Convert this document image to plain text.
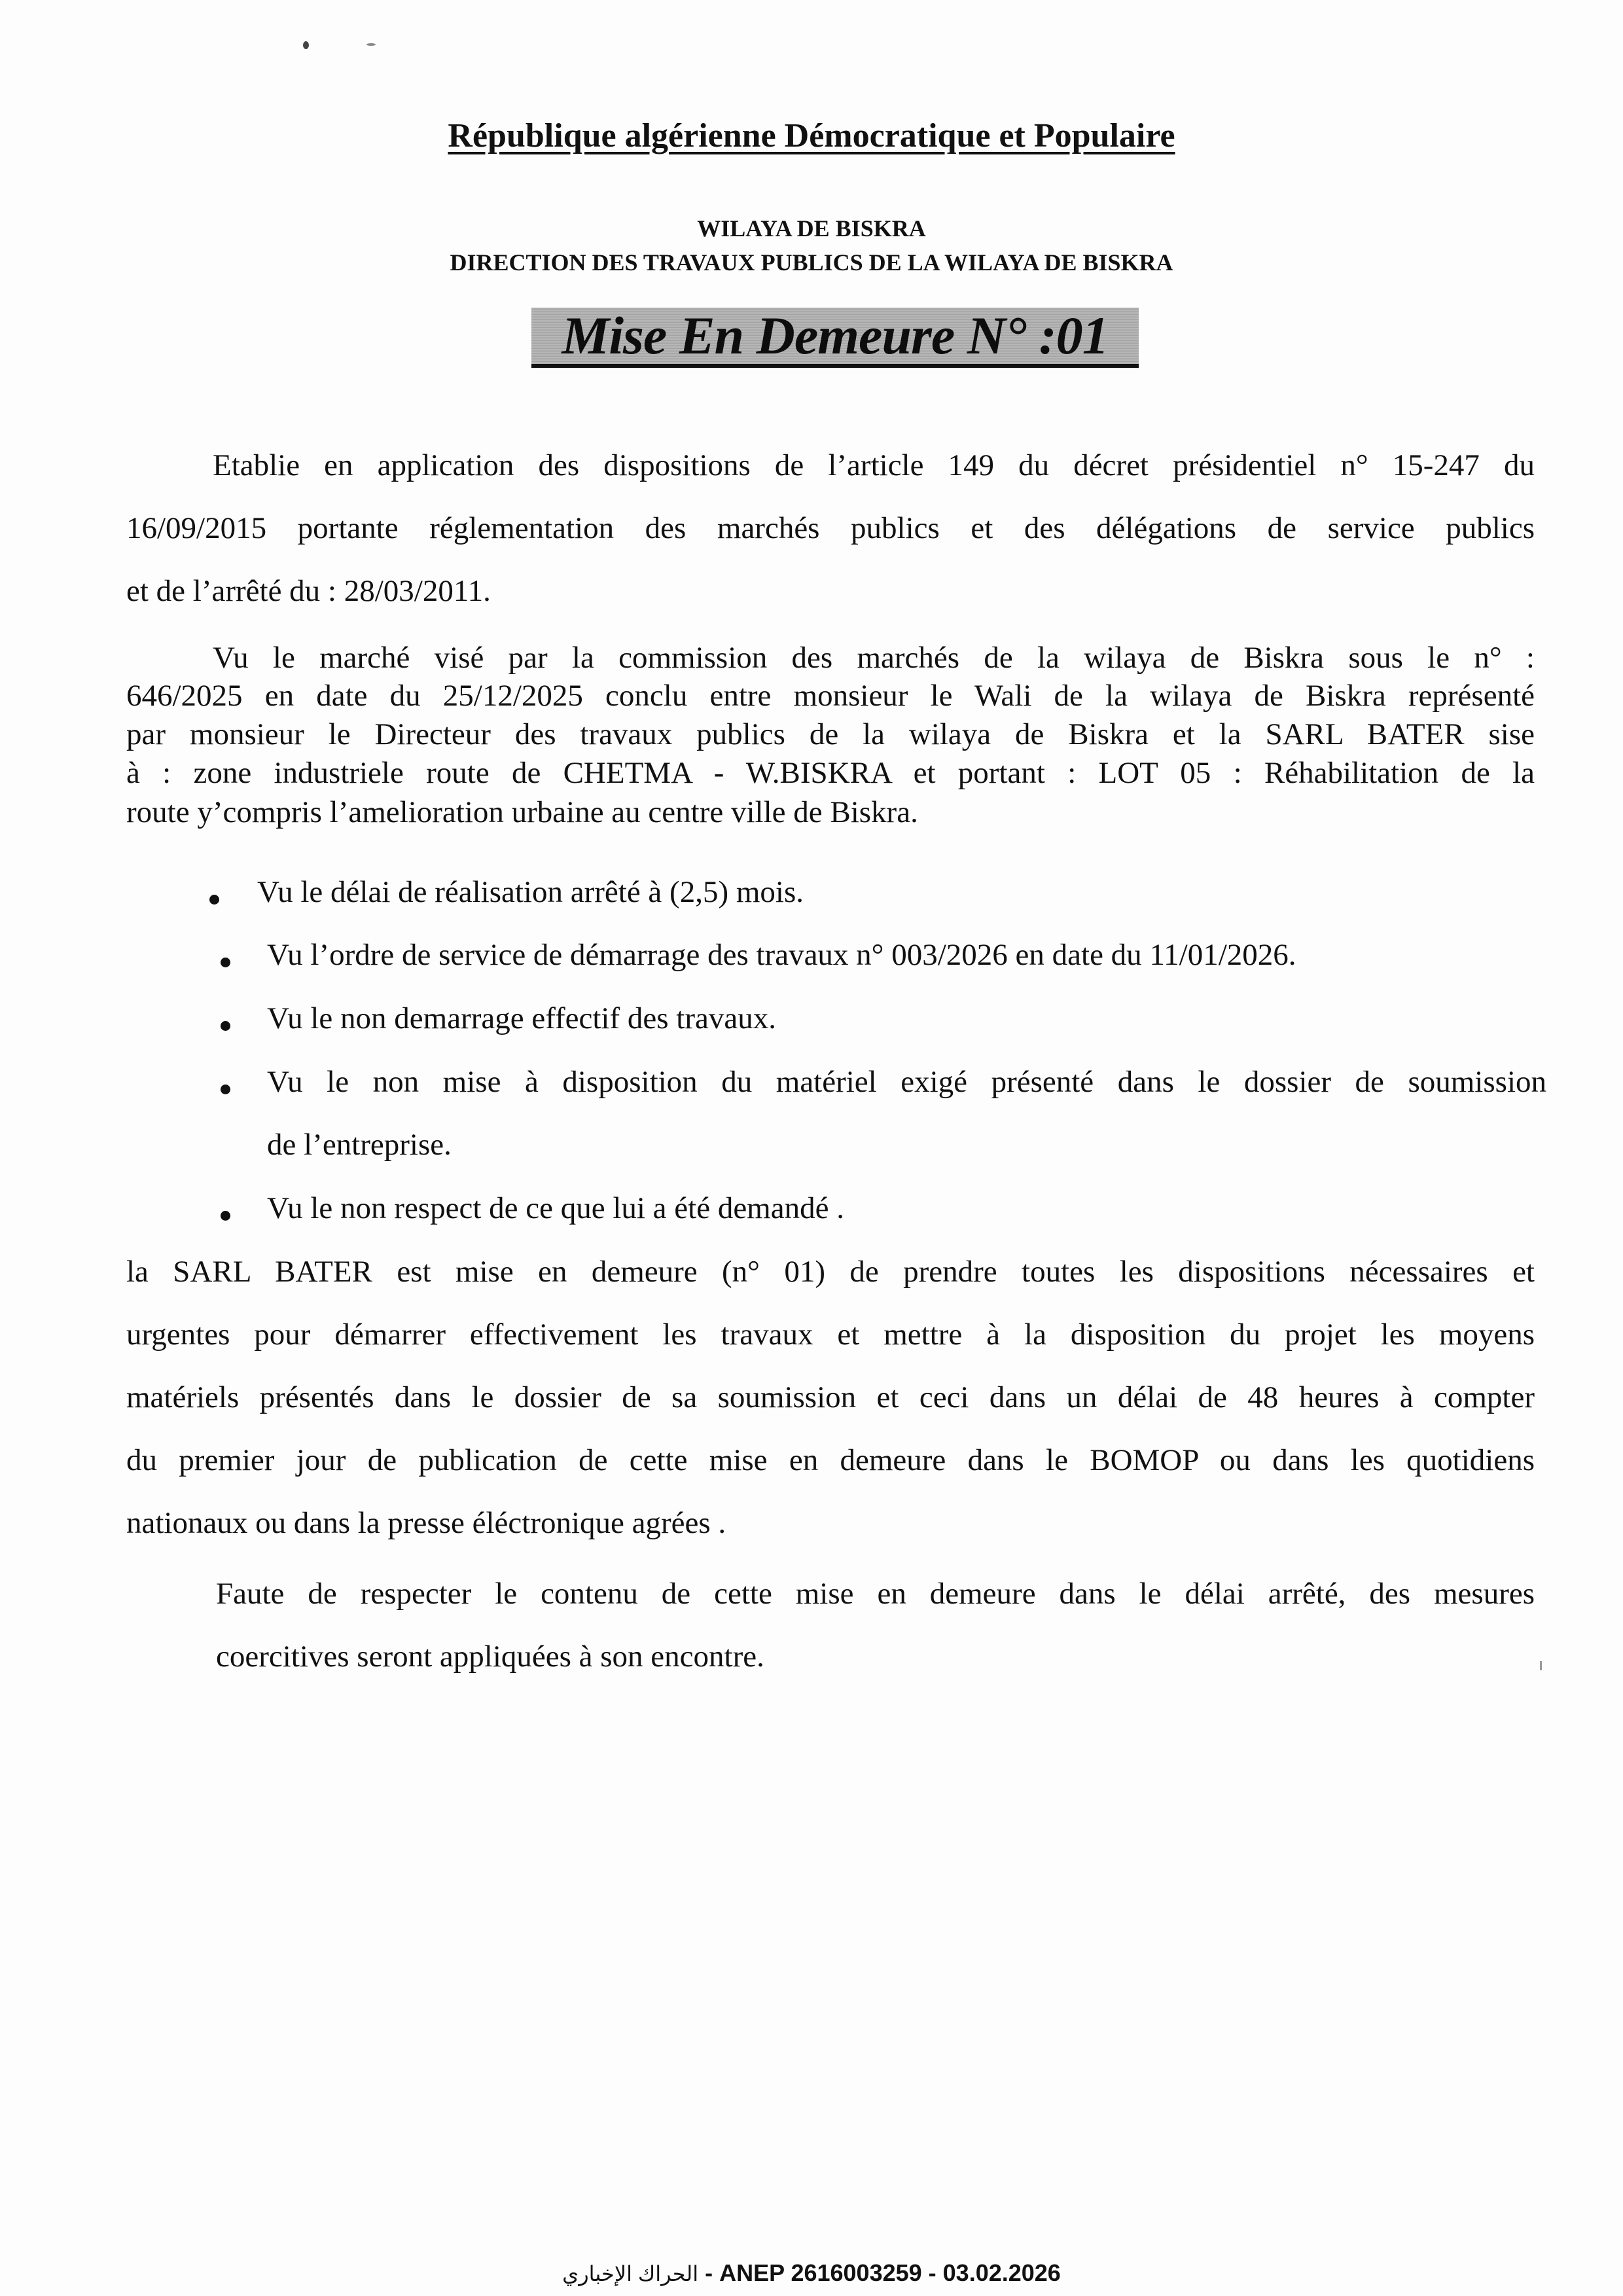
République algérienne Démocratique et Populaire
WILAYA DE BISKRA
DIRECTION DES TRAVAUX PUBLICS DE LA WILAYA DE BISKRA
Mise En Demeure N° :01
Etablie en application des dispositions de l’article 149 du décret présidentiel n° 15-247 du
16/09/2015 portante réglementation des marchés publics et des délégations de service publics
et de l’arrêté du : 28/03/2011.
Vu le marché visé par la commission des marchés de la wilaya de Biskra sous le n° :
646/2025 en date du 25/12/2025 conclu entre monsieur le Wali de la wilaya de Biskra représenté
par monsieur le Directeur des travaux publics de la wilaya de Biskra et la SARL BATER sise
à : zone industriele route de CHETMA - W.BISKRA et portant : LOT 05 : Réhabilitation de la
route y’compris l’amelioration urbaine au centre ville de Biskra.
Vu le délai de réalisation arrêté à (2,5) mois.
Vu l’ordre de service de démarrage des travaux n° 003/2026 en date du 11/01/2026.
Vu le non demarrage effectif des travaux.
Vu le non mise à disposition du matériel exigé présenté dans le dossier de soumission
de l’entreprise.
Vu le non respect de ce que lui a été demandé .
la SARL BATER est mise en demeure (n° 01) de prendre toutes les dispositions nécessaires et
urgentes pour démarrer effectivement les travaux et mettre à la disposition du projet les moyens
matériels présentés dans le dossier de sa soumission et ceci dans un délai de 48 heures à compter
du premier jour de publication de cette mise en demeure dans le BOMOP ou dans les quotidiens
nationaux ou dans la presse éléctronique agrées .
Faute de respecter le contenu de cette mise en demeure dans le délai arrêté, des mesures
coercitives seront appliquées à son encontre.
الحراك الإخباري - ANEP 2616003259 - 03.02.2026
